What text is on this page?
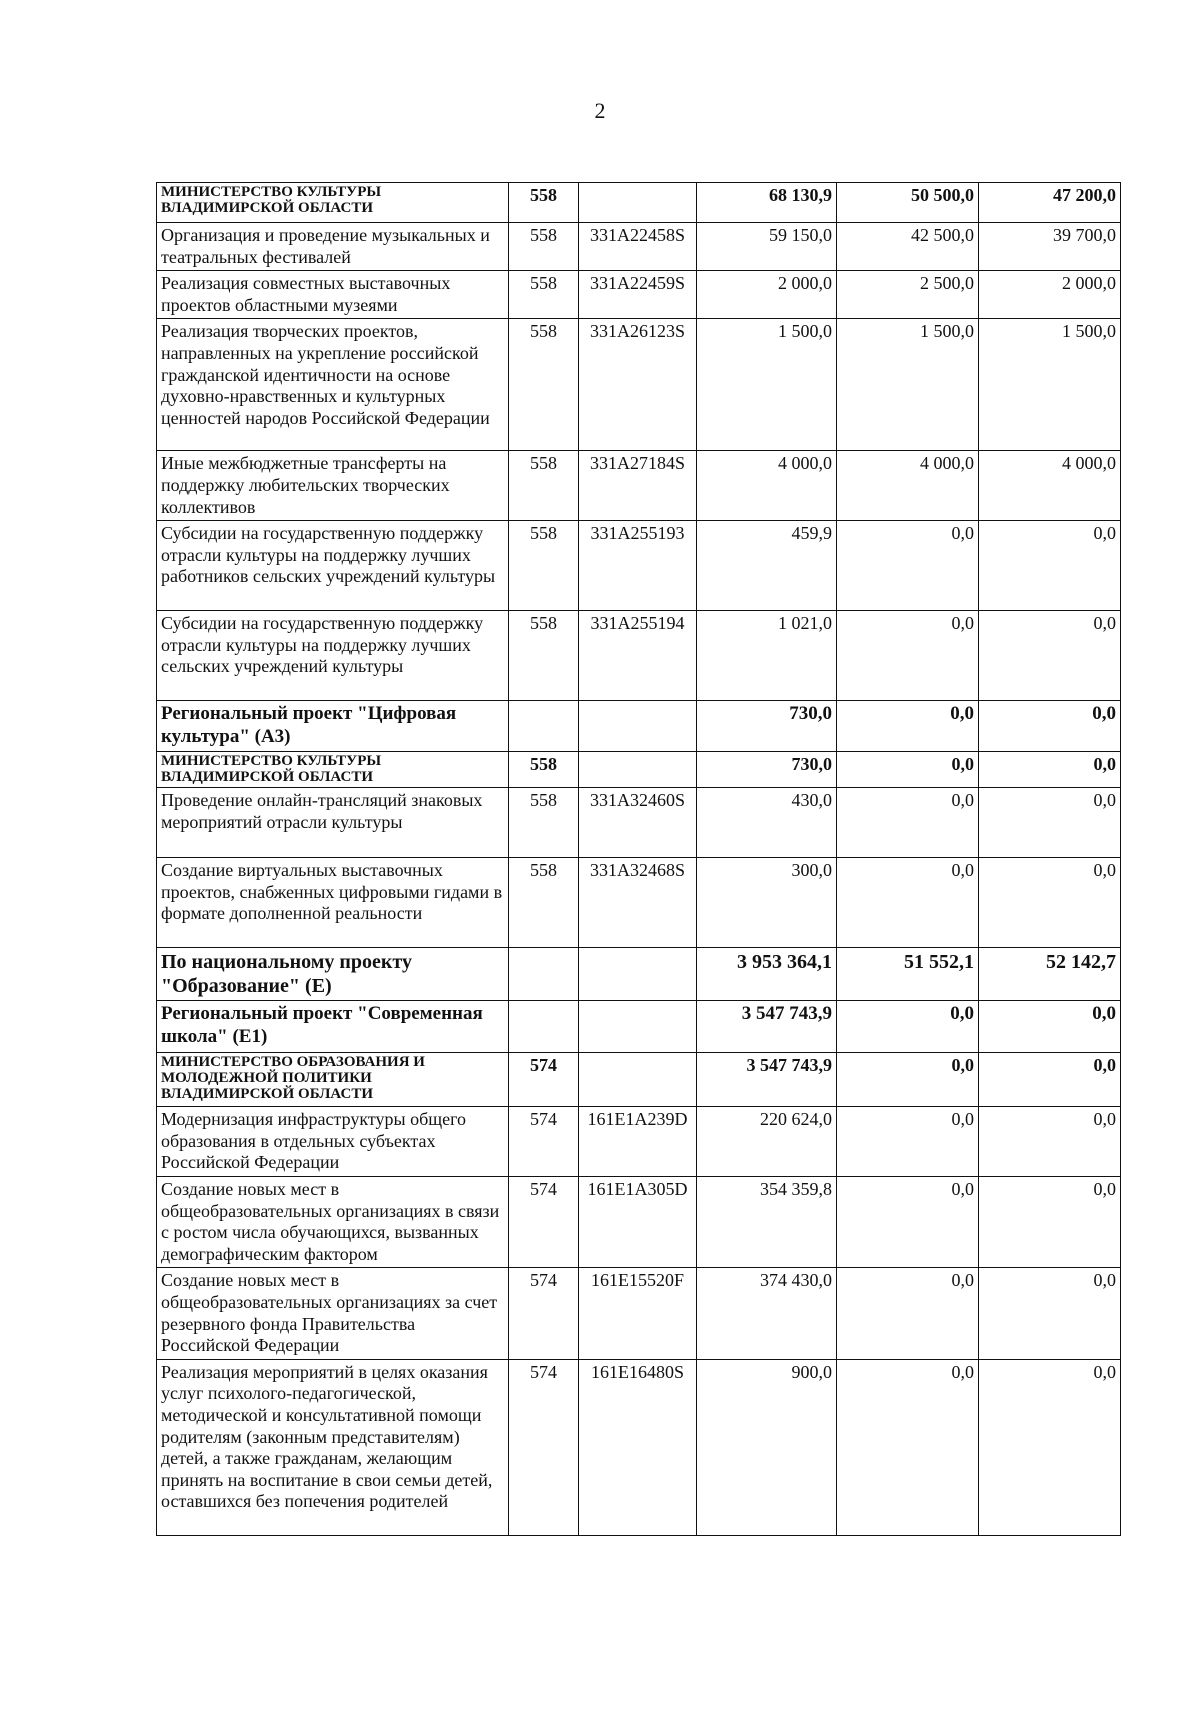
2
МИНИСТЕРСТВО КУЛЬТУРЫ ВЛАДИМИРСКОЙ ОБЛАСТИ	558		68 130,9	50 500,0	47 200,0
Организация и проведение музыкальных и театральных фестивалей	558	331A22458S	59 150,0	42 500,0	39 700,0
Реализация совместных выставочных проектов областными музеями	558	331A22459S	2 000,0	2 500,0	2 000,0
Реализация творческих проектов, направленных на укрепление российской гражданской идентичности на основе духовно-нравственных и культурных ценностей народов Российской Федерации	558	331A26123S	1 500,0	1 500,0	1 500,0
Иные межбюджетные трансферты на поддержку любительских творческих коллективов	558	331A27184S	4 000,0	4 000,0	4 000,0
Субсидии на государственную поддержку отрасли культуры на поддержку лучших работников сельских учреждений культуры	558	331A255193	459,9	0,0	0,0
Субсидии на государственную поддержку отрасли культуры на поддержку лучших сельских учреждений культуры	558	331A255194	1 021,0	0,0	0,0
Региональный проект "Цифровая культура" (А3)			730,0	0,0	0,0
МИНИСТЕРСТВО КУЛЬТУРЫ ВЛАДИМИРСКОЙ ОБЛАСТИ	558		730,0	0,0	0,0
Проведение онлайн-трансляций знаковых мероприятий отрасли культуры	558	331A32460S	430,0	0,0	0,0
Создание виртуальных выставочных проектов, снабженных цифровыми гидами в формате дополненной реальности	558	331A32468S	300,0	0,0	0,0
По национальному проекту "Образование" (Е)			3 953 364,1	51 552,1	52 142,7
Региональный проект "Современная школа" (Е1)			3 547 743,9	0,0	0,0
МИНИСТЕРСТВО ОБРАЗОВАНИЯ И МОЛОДЕЖНОЙ ПОЛИТИКИ ВЛАДИМИРСКОЙ ОБЛАСТИ	574		3 547 743,9	0,0	0,0
Модернизация инфраструктуры общего образования в отдельных субъектах Российской Федерации	574	161E1A239D	220 624,0	0,0	0,0
Создание новых мест в общеобразовательных организациях в связи с ростом числа обучающихся, вызванных демографическим фактором	574	161E1A305D	354 359,8	0,0	0,0
Создание новых мест в общеобразовательных организациях за счет резервного фонда Правительства Российской Федерации	574	161E15520F	374 430,0	0,0	0,0
Реализация мероприятий в целях оказания услуг психолого-педагогической, методической и консультативной помощи родителям (законным представителям) детей, а также гражданам, желающим принять на воспитание в свои семьи детей, оставшихся без попечения родителей	574	161E16480S	900,0	0,0	0,0
